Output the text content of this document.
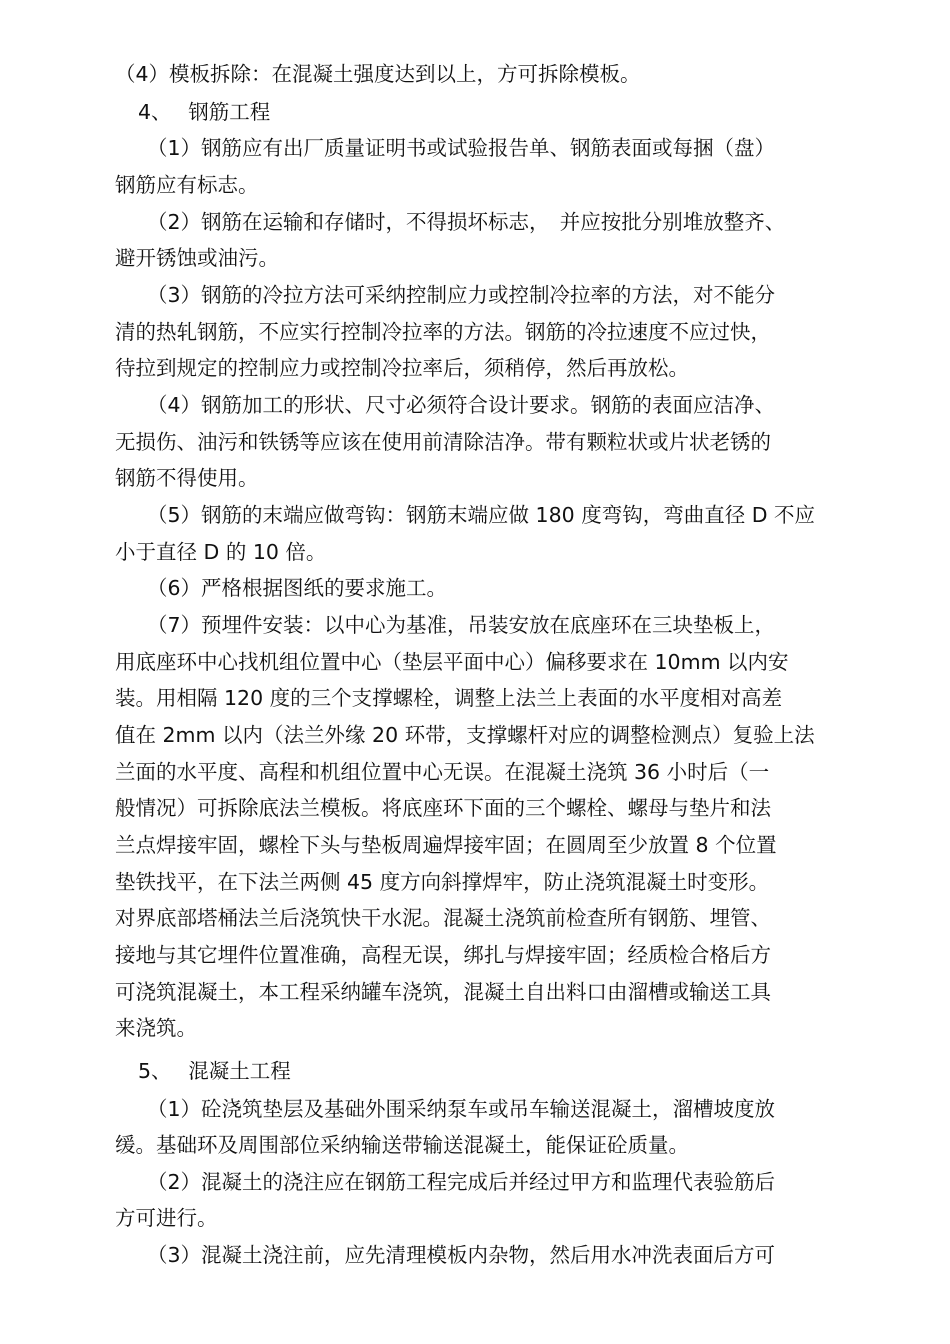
（4）模板拆除：在混凝土强度达到以上，方可拆除模板。
4、　 钢筋工程
（1）钢筋应有出厂质量证明书或试验报告单、钢筋表面或每捆（盘）
钢筋应有标志。
（2）钢筋在运输和存储时，不得损坏标志，　并应按批分别堆放整齐、
避开锈蚀或油污。
（3）钢筋的冷拉方法可采纳控制应力或控制冷拉率的方法，对不能分
清的热轧钢筋，不应实行控制冷拉率的方法。钢筋的冷拉速度不应过快，
待拉到规定的控制应力或控制冷拉率后，须稍停，然后再放松。
（4）钢筋加工的形状、尺寸必须符合设计要求。钢筋的表面应洁净、
无损伤、油污和铁锈等应该在使用前清除洁净。带有颗粒状或片状老锈的
钢筋不得使用。
（5）钢筋的末端应做弯钩：钢筋末端应做 180 度弯钩，弯曲直径 D 不应
小于直径 D 的 10 倍。
（6）严格根据图纸的要求施工。
（7）预埋件安装：以中心为基准，吊装安放在底座环在三块垫板上，
用底座环中心找机组位置中心（垫层平面中心）偏移要求在 10mm 以内安
装。用相隔 120 度的三个支撑螺栓，调整上法兰上表面的水平度相对高差
值在 2mm 以内（法兰外缘 20 环带，支撑螺杆对应的调整检测点）复验上法
兰面的水平度、高程和机组位置中心无误。在混凝土浇筑 36 小时后（一
般情况）可拆除底法兰模板。将底座环下面的三个螺栓、螺母与垫片和法
兰点焊接牢固，螺栓下头与垫板周遍焊接牢固；在圆周至少放置 8 个位置
垫铁找平，在下法兰两侧 45 度方向斜撑焊牢，防止浇筑混凝土时变形。
对界底部塔桶法兰后浇筑快干水泥。混凝土浇筑前检查所有钢筋、埋管、
接地与其它埋件位置准确，高程无误，绑扎与焊接牢固；经质检合格后方
可浇筑混凝土，本工程采纳罐车浇筑，混凝土自出料口由溜槽或输送工具
来浇筑。
5、　 混凝土工程
（1）砼浇筑垫层及基础外围采纳泵车或吊车输送混凝土，溜槽坡度放
缓。基础环及周围部位采纳输送带输送混凝土，能保证砼质量。
（2）混凝土的浇注应在钢筋工程完成后并经过甲方和监理代表验筋后
方可进行。
（3）混凝土浇注前，应先清理模板内杂物，然后用水冲洗表面后方可
